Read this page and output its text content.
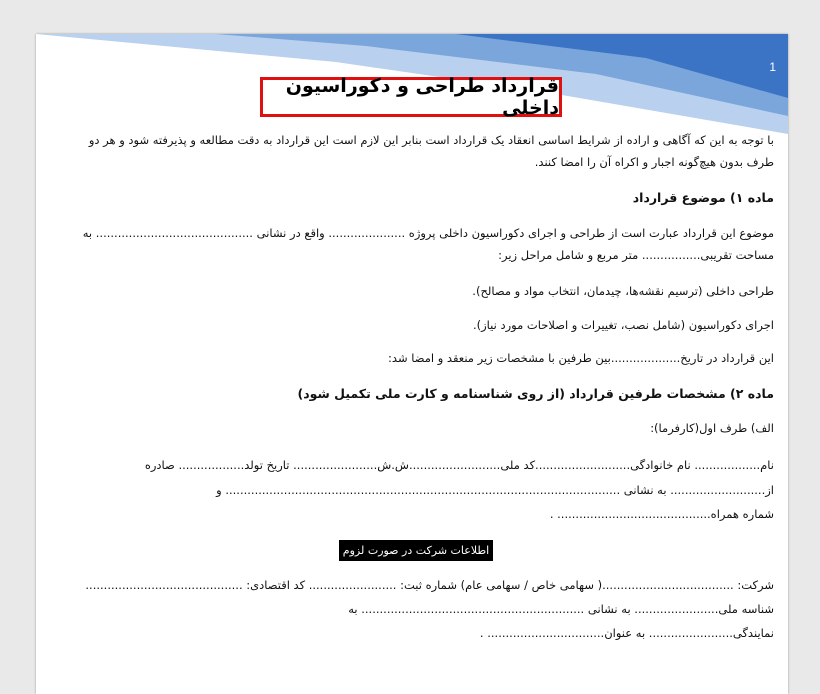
1
قرارداد طراحی و دکوراسیون داخلی

با توجه به این که آگاهی و اراده از شرایط اساسی انعقاد یک قرارداد است بنابر این لازم است این قرارداد به دقت مطالعه و پذیرفته شود و هر دو طرف بدون هیچ‌گونه اجبار و اکراه آن را امضا کنند.

ماده ۱) موضوع قرارداد

موضوع این قرارداد عبارت است از طراحی و اجرای دکوراسیون داخلی پروژه ..................... واقع در نشانی ........................................... به مساحت تقریبی................ متر مربع و شامل مراحل زیر:

طراحی داخلی (ترسیم نقشه‌ها، چیدمان، انتخاب مواد و مصالح).

اجرای دکوراسیون (شامل نصب، تغییرات و اصلاحات مورد نیاز).

این قرارداد در تاریخ...................بین طرفین با مشخصات زیر منعقد و امضا شد:

ماده ۲) مشخصات طرفین قرارداد (از روی شناسنامه و کارت ملی تکمیل شود)

الف) طرف اول(کارفرما):

نام.................. نام خانوادگی..........................کد ملی.........................ش.ش....................... تاریخ تولد.................. صادره

از.......................... به نشانی ............................................................................................................ و

شماره همراه.......................................... .

اطلاعات شرکت در صورت لزوم

شرکت: ....................................( سهامی خاص / سهامی عام) شماره ثبت: ........................ کد اقتصادی: ...........................................

شناسه ملی....................... به نشانی ............................................................. به

نمایندگی....................... به عنوان................................ .
